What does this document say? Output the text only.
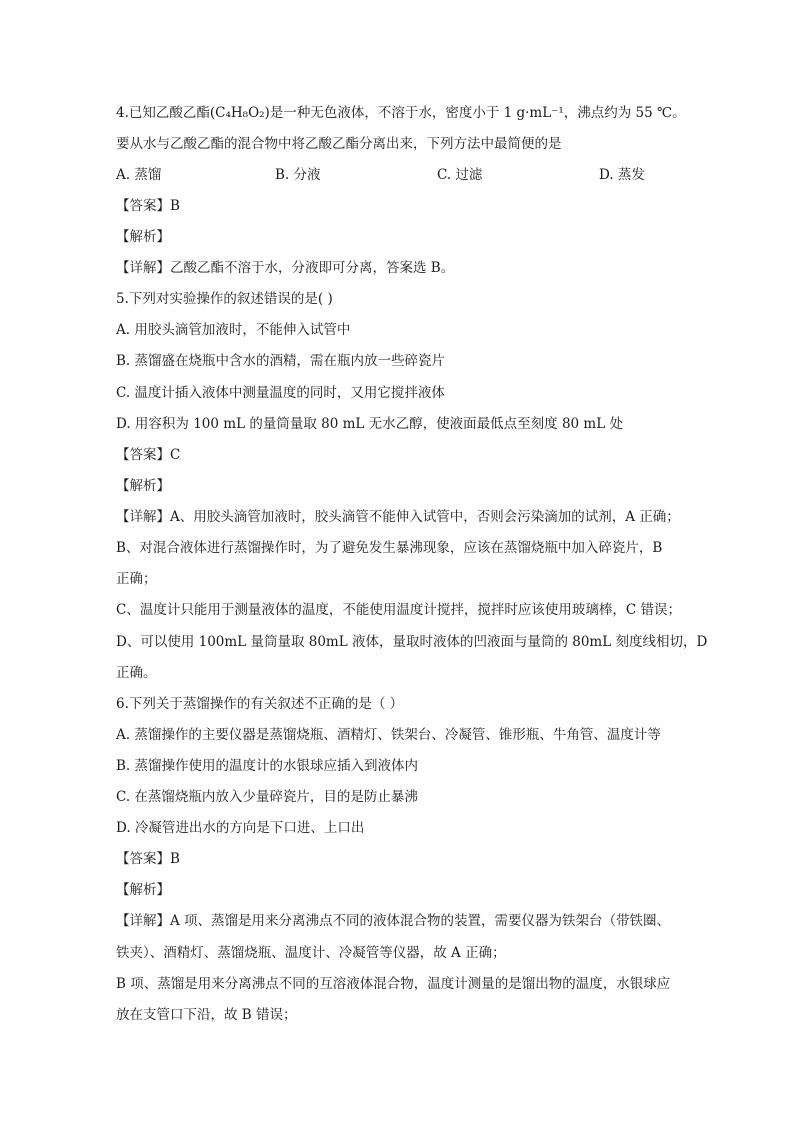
4.已知乙酸乙酯(C₄H₈O₂)是一种无色液体，不溶于水，密度小于 1 g·mL⁻¹，沸点约为 55 ℃。
要从水与乙酸乙酯的混合物中将乙酸乙酯分离出来，下列方法中最简便的是
A. 蒸馏	B. 分液	C. 过滤	D. 蒸发
【答案】B
【解析】
【详解】乙酸乙酯不溶于水，分液即可分离，答案选 B。
5.下列对实验操作的叙述错误的是( )
A. 用胶头滴管加液时，不能伸入试管中
B. 蒸馏盛在烧瓶中含水的酒精，需在瓶内放一些碎瓷片
C. 温度计插入液体中测量温度的同时，又用它搅拌液体
D. 用容积为 100 mL 的量筒量取 80 mL 无水乙醇，使液面最低点至刻度 80 mL 处
【答案】C
【解析】
【详解】A、用胶头滴管加液时，胶头滴管不能伸入试管中，否则会污染滴加的试剂，A 正确；
B、对混合液体进行蒸馏操作时，为了避免发生暴沸现象，应该在蒸馏烧瓶中加入碎瓷片，B
正确；
C、温度计只能用于测量液体的温度，不能使用温度计搅拌，搅拌时应该使用玻璃棒，C 错误；
D、可以使用 100mL 量筒量取 80mL 液体，量取时液体的凹液面与量筒的 80mL 刻度线相切，D
正确。
6.下列关于蒸馏操作的有关叙述不正确的是（ ）
A. 蒸馏操作的主要仪器是蒸馏烧瓶、酒精灯、铁架台、冷凝管、锥形瓶、牛角管、温度计等
B. 蒸馏操作使用的温度计的水银球应插入到液体内
C. 在蒸馏烧瓶内放入少量碎瓷片，目的是防止暴沸
D. 冷凝管进出水的方向是下口进、上口出
【答案】B
【解析】
【详解】A 项、蒸馏是用来分离沸点不同的液体混合物的装置，需要仪器为铁架台（带铁圈、
铁夹）、酒精灯、蒸馏烧瓶、温度计、冷凝管等仪器，故 A 正确；
B 项、蒸馏是用来分离沸点不同的互溶液体混合物，温度计测量的是馏出物的温度，水银球应
放在支管口下沿，故 B 错误；
